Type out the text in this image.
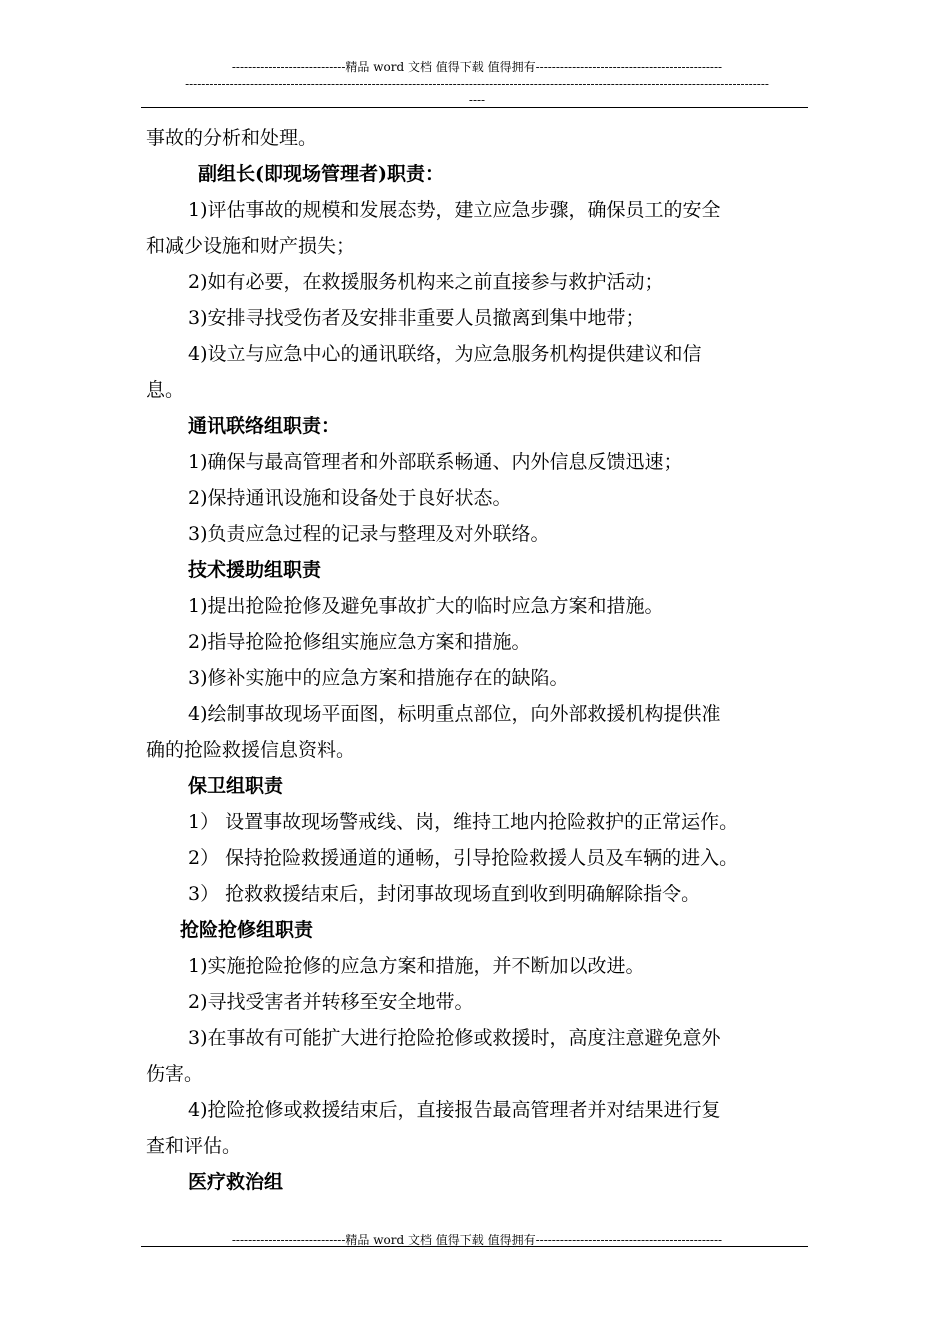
----------------------------精品 word 文档 值得下载 值得拥有----------------------------------------------
------------------------------------------------------------------------------------------------------------------------------------------------
----

事故的分析和处理。

副组长(即现场管理者)职责：

1)评估事故的规模和发展态势，建立应急步骤，确保员工的安全

和减少设施和财产损失；

2)如有必要，在救援服务机构来之前直接参与救护活动；

3)安排寻找受伤者及安排非重要人员撤离到集中地带；

4)设立与应急中心的通讯联络，为应急服务机构提供建议和信

息。

通讯联络组职责：

1)确保与最高管理者和外部联系畅通、内外信息反馈迅速；

2)保持通讯设施和设备处于良好状态。

3)负责应急过程的记录与整理及对外联络。

技术援助组职责

1)提出抢险抢修及避免事故扩大的临时应急方案和措施。

2)指导抢险抢修组实施应急方案和措施。

3)修补实施中的应急方案和措施存在的缺陷。

4)绘制事故现场平面图，标明重点部位，向外部救援机构提供准

确的抢险救援信息资料。

保卫组职责

1） 设置事故现场警戒线、岗，维持工地内抢险救护的正常运作。

2） 保持抢险救援通道的通畅，引导抢险救援人员及车辆的进入。

3） 抢救救援结束后，封闭事故现场直到收到明确解除指令。

抢险抢修组职责

1)实施抢险抢修的应急方案和措施，并不断加以改进。

2)寻找受害者并转移至安全地带。

3)在事故有可能扩大进行抢险抢修或救援时，高度注意避免意外

伤害。

4)抢险抢修或救援结束后，直接报告最高管理者并对结果进行复

查和评估。

医疗救治组

----------------------------精品 word 文档 值得下载 值得拥有----------------------------------------------
